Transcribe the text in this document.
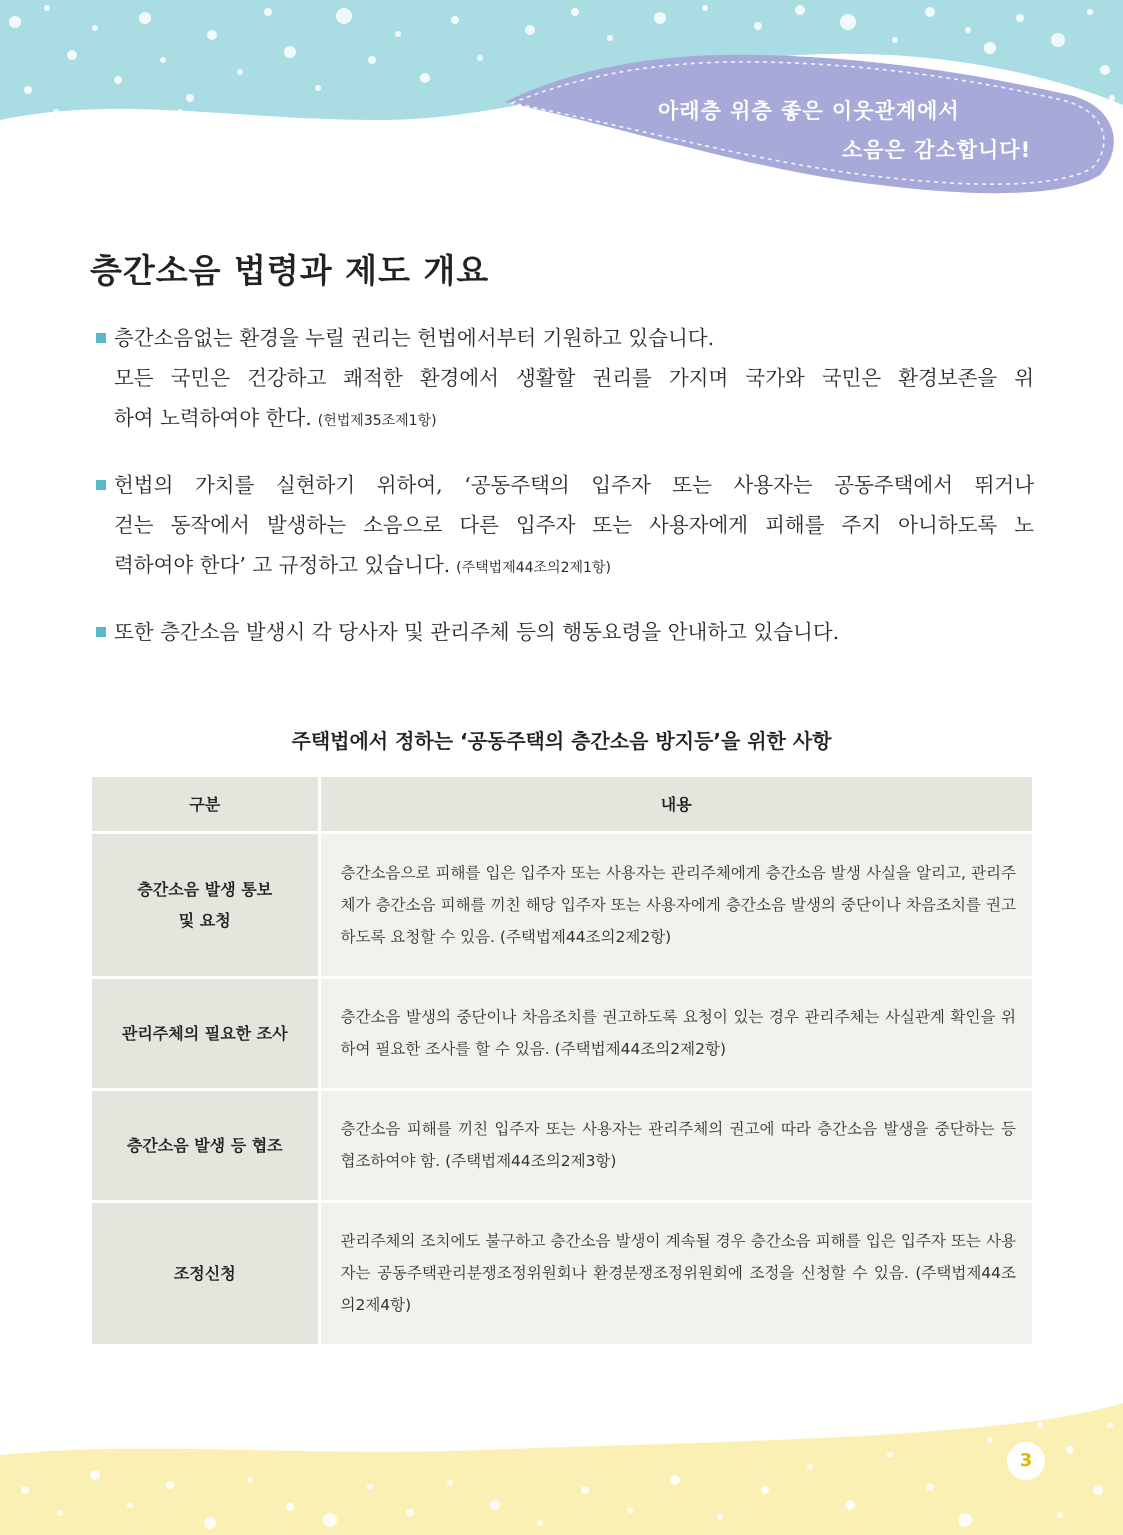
아래층 위층 좋은 이웃관계에서
소음은 감소합니다!
층간소음 법령과 제도 개요
층간소음없는 환경을 누릴 권리는 헌법에서부터 기원하고 있습니다.
모든 국민은 건강하고 쾌적한 환경에서 생활할 권리를 가지며 국가와 국민은 환경보존을 위
하여 노력하여야 한다. (헌법제35조제1항)
헌법의 가치를 실현하기 위하여, ‘공동주택의 입주자 또는 사용자는 공동주택에서 뛰거나
걷는 동작에서 발생하는 소음으로 다른 입주자 또는 사용자에게 피해를 주지 아니하도록 노
력하여야 한다’ 고 규정하고 있습니다. (주택법제44조의2제1항)
또한 층간소음 발생시 각 당사자 및 관리주체 등의 행동요령을 안내하고 있습니다.
주택법에서 정하는 ‘공동주택의 층간소음 방지등’을 위한 사항
구분	내용
층간소음 발생 통보
및 요청	층간소음으로 피해를 입은 입주자 또는 사용자는 관리주체에게 층간소음 발생 사실을 알리고, 관리주체가 층간소음 피해를 끼친 해당 입주자 또는 사용자에게 층간소음 발생의 중단이나 차음조치를 권고하도록 요청할 수 있음. (주택법제44조의2제2항)
관리주체의 필요한 조사	층간소음 발생의 중단이나 차음조치를 권고하도록 요청이 있는 경우 관리주체는 사실관계 확인을 위하여 필요한 조사를 할 수 있음. (주택법제44조의2제2항)
층간소음 발생 등 협조	층간소음 피해를 끼친 입주자 또는 사용자는 관리주체의 권고에 따라 층간소음 발생을 중단하는 등 협조하여야 함. (주택법제44조의2제3항)
조정신청	관리주체의 조치에도 불구하고 층간소음 발생이 계속될 경우 층간소음 피해를 입은 입주자 또는 사용자는 공동주택관리분쟁조정위원회나 환경분쟁조정위원회에 조정을 신청할 수 있음. (주택법제44조의2제4항)
3
